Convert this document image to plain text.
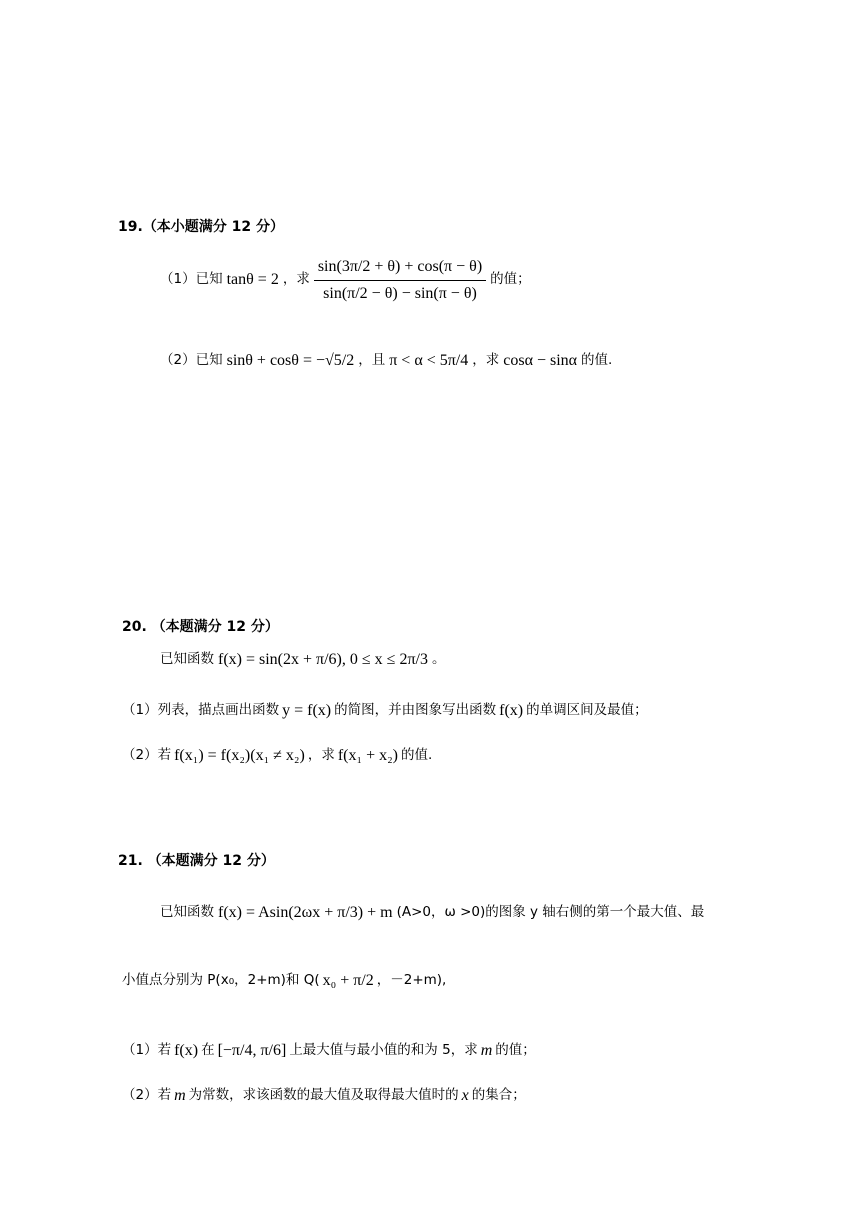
19.（本小题满分 12 分）
（1）已知 tanθ = 2 ，求 $\frac{\sin(3\pi/2 + \theta) + \cos(\pi - \theta)}{\sin(\pi/2 - \theta) - \sin(\pi - \theta)}$ 的值；
（2）已知 sinθ + cosθ = −√5/2 ，且 π < α < 5π/4 ，求 cosα − sinα 的值.
20. （本题满分 12 分）
已知函数 f(x) = sin(2x + π/6), 0 ≤ x ≤ 2π/3 。
（1）列表，描点画出函数 y = f(x) 的简图，并由图象写出函数 f(x) 的单调区间及最值；
（2）若 f(x₁) = f(x₂)(x₁ ≠ x₂) ，求 f(x₁ + x₂) 的值.
21. （本题满分 12 分）
已知函数 f(x) = Asin(2ωx + π/3) + m (A>0， ω >0)的图象 y 轴右侧的第一个最大值、最
小值点分别为 P(x₀，2+m)和 Q( x₀ + π/2 ，－2+m),
（1）若 f(x) 在 [−π/4, π/6] 上最大值与最小值的和为 5，求 m 的值；
（2）若 m 为常数，求该函数的最大值及取得最大值时的 x 的集合；
